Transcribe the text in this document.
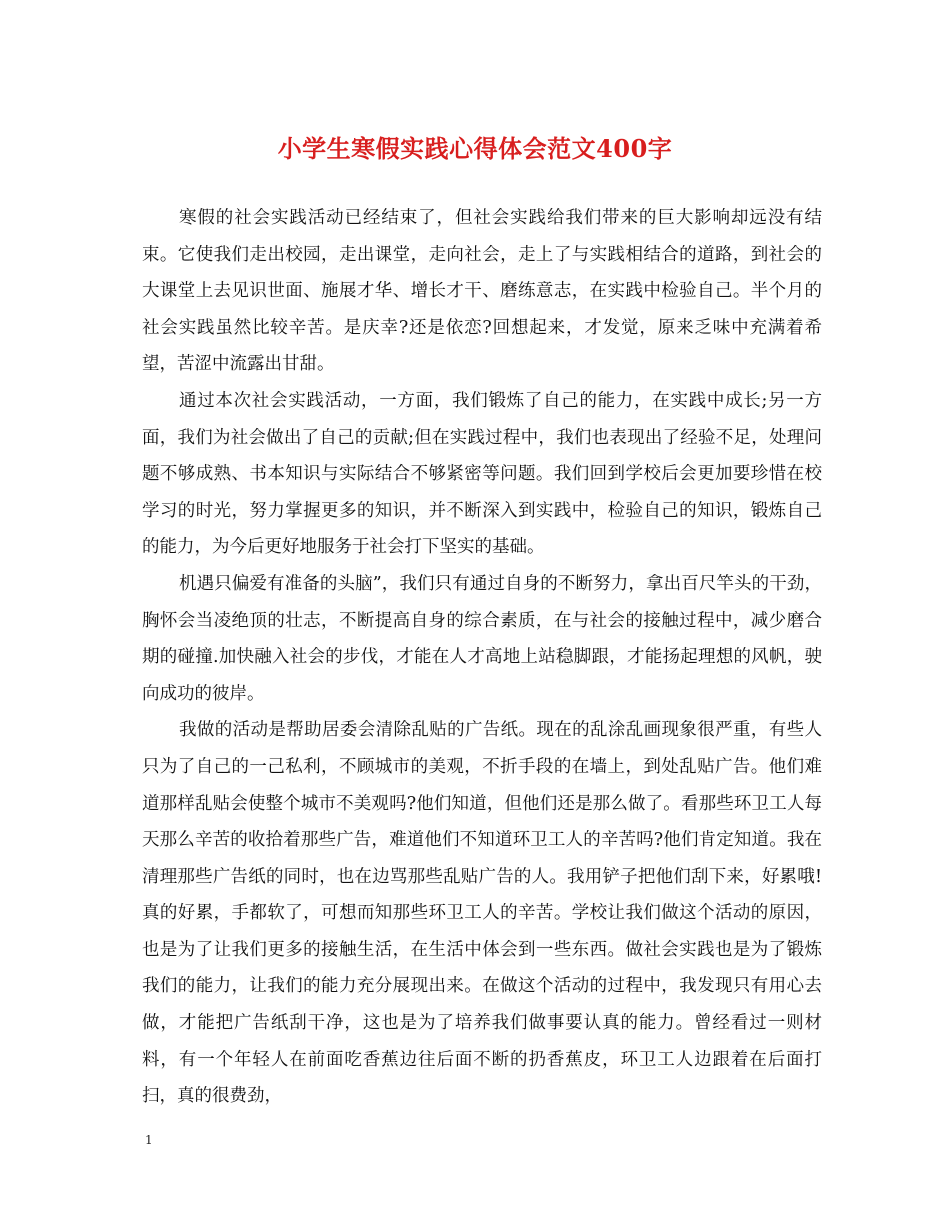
小学生寒假实践心得体会范文400字

寒假的社会实践活动已经结束了，但社会实践给我们带来的巨大影响却远没有结束。它使我们走出校园，走出课堂，走向社会，走上了与实践相结合的道路，到社会的大课堂上去见识世面、施展才华、增长才干、磨练意志，在实践中检验自己。半个月的社会实践虽然比较辛苦。是庆幸?还是依恋?回想起来，才发觉，原来乏味中充满着希望，苦涩中流露出甘甜。

通过本次社会实践活动，一方面，我们锻炼了自己的能力，在实践中成长;另一方面，我们为社会做出了自己的贡献;但在实践过程中，我们也表现出了经验不足，处理问题不够成熟、书本知识与实际结合不够紧密等问题。我们回到学校后会更加要珍惜在校学习的时光，努力掌握更多的知识，并不断深入到实践中，检验自己的知识，锻炼自己的能力，为今后更好地服务于社会打下坚实的基础。

机遇只偏爱有准备的头脑”，我们只有通过自身的不断努力，拿出百尺竿头的干劲，胸怀会当凌绝顶的壮志，不断提高自身的综合素质，在与社会的接触过程中，减少磨合期的碰撞.加快融入社会的步伐，才能在人才高地上站稳脚跟，才能扬起理想的风帆，驶向成功的彼岸。

我做的活动是帮助居委会清除乱贴的广告纸。现在的乱涂乱画现象很严重，有些人只为了自己的一己私利，不顾城市的美观，不折手段的在墙上，到处乱贴广告。他们难道那样乱贴会使整个城市不美观吗?他们知道，但他们还是那么做了。看那些环卫工人每天那么辛苦的收拾着那些广告，难道他们不知道环卫工人的辛苦吗?他们肯定知道。我在清理那些广告纸的同时，也在边骂那些乱贴广告的人。我用铲子把他们刮下来，好累哦!真的好累，手都软了，可想而知那些环卫工人的辛苦。学校让我们做这个活动的原因，也是为了让我们更多的接触生活，在生活中体会到一些东西。做社会实践也是为了锻炼我们的能力，让我们的能力充分展现出来。在做这个活动的过程中，我发现只有用心去做，才能把广告纸刮干净，这也是为了培养我们做事要认真的能力。曾经看过一则材料，有一个年轻人在前面吃香蕉边往后面不断的扔香蕉皮，环卫工人边跟着在后面打扫，真的很费劲，

1
